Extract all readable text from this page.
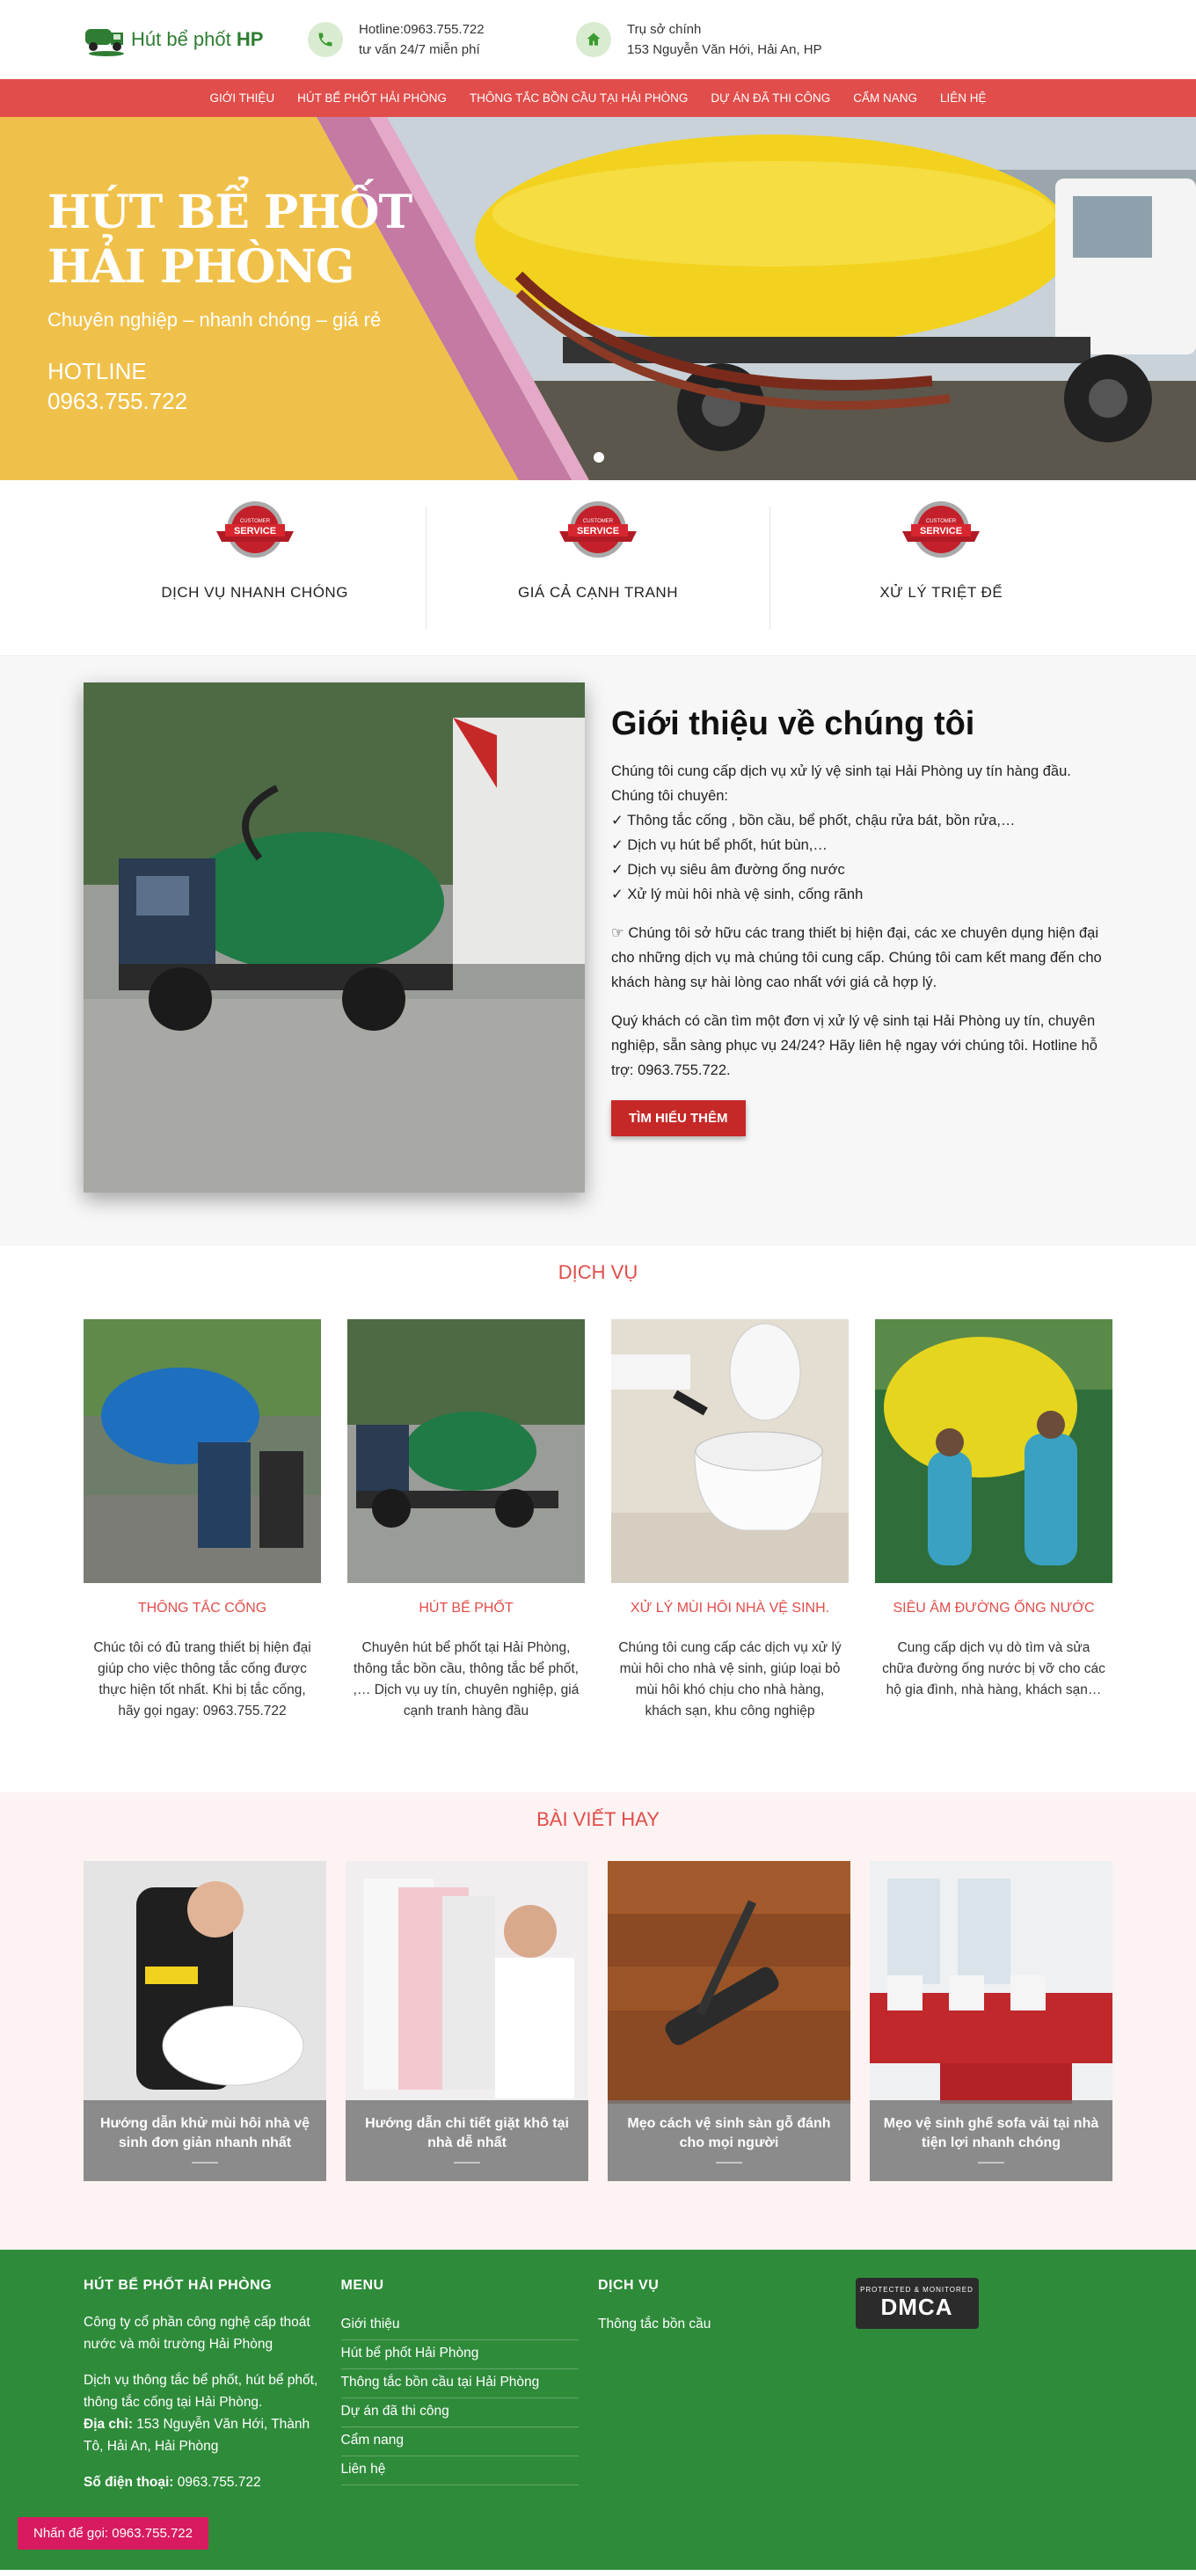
Hút bể phốt HP	Hotline:0963.755.722
tư vấn 24/7 miễn phí
Trụ sở chính
153 Nguyễn Văn Hới, Hải An, HP
GIỚI THIỆU	HÚT BỂ PHỐT HẢI PHÒNG	THÔNG TẮC BỒN CẦU TẠI HẢI PHÒNG	DỰ ÁN ĐÃ THI CÔNG	CẨM NANG	LIÊN HỆ
HÚT BỂ PHỐT
HẢI PHÒNG
Chuyên nghiệp – nhanh chóng – giá rẻ
HOTLINE
0963.755.722
CUSTOMER
SERVICE
DỊCH VỤ NHANH CHÓNG
CUSTOMER
SERVICE
GIÁ CẢ CẠNH TRANH
CUSTOMER
SERVICE
XỬ LÝ TRIỆT ĐỂ
Giới thiệu về chúng tôi
Chúng tôi cung cấp dịch vụ xử lý vệ sinh tại Hải Phòng uy tín hàng đầu. Chúng tôi chuyên:
✓ Thông tắc cống , bồn cầu, bể phốt, chậu rửa bát, bồn rửa,…
✓ Dịch vụ hút bể phốt, hút bùn,…
✓ Dịch vụ siêu âm đường ống nước
✓ Xử lý mùi hôi nhà vệ sinh, cống rãnh

☞ Chúng tôi sở hữu các trang thiết bị hiện đại, các xe chuyên dụng hiện đại cho những dịch vụ mà chúng tôi cung cấp. Chúng tôi cam kết mang đến cho khách hàng sự hài lòng cao nhất với giá cả hợp lý.

Quý khách có cần tìm một đơn vị xử lý vệ sinh tại Hải Phòng uy tín, chuyên nghiệp, sẵn sàng phục vụ 24/24? Hãy liên hệ ngay với chúng tôi. Hotline hỗ trợ: 0963.755.722.

TÌM HIỂU THÊM
DỊCH VỤ
THÔNG TẮC CỐNG
Chúc tôi có đủ trang thiết bị hiện đại giúp cho việc thông tắc cống được thực hiện tốt nhất. Khi bị tắc cống, hãy gọi ngay: 0963.755.722
HÚT BỂ PHỐT
Chuyên hút bể phốt tại Hải Phòng, thông tắc bồn cầu, thông tắc bể phốt, ,… Dịch vụ uy tín, chuyên nghiệp, giá cạnh tranh hàng đầu
XỬ LÝ MÙI HÔI NHÀ VỆ SINH.
Chúng tôi cung cấp các dịch vụ xử lý mùi hôi cho nhà vệ sinh, giúp loại bỏ mùi hôi khó chịu cho nhà hàng, khách sạn, khu công nghiệp
SIÊU ÂM ĐƯỜNG ỐNG NƯỚC
Cung cấp dịch vụ dò tìm và sửa chữa đường ống nước bị vỡ cho các hộ gia đình, nhà hàng, khách sạn…
BÀI VIẾT HAY
Hướng dẫn khử mùi hôi nhà vệ sinh đơn giản nhanh nhất
Hướng dẫn chi tiết giặt khô tại nhà dễ nhất
Mẹo cách vệ sinh sàn gỗ đánh cho mọi người
Mẹo vệ sinh ghế sofa vải tại nhà tiện lợi nhanh chóng
HÚT BỂ PHỐT HẢI PHÒNG

Công ty cổ phần công nghệ cấp thoát nước và môi trường Hải Phòng

Dịch vụ thông tắc bể phốt, hút bể phốt, thông tắc cống tại Hải Phòng.

Địa chỉ: 153 Nguyễn Văn Hới, Thành Tô, Hải An, Hải Phòng

Số điện thoại: 0963.755.722

MENU
Giới thiệu
Hút bể phốt Hải Phòng
Thông tắc bồn cầu tại Hải Phòng
Dự án đã thi công
Cẩm nang
Liên hệ
DỊCH VỤ
Thông tắc bồn cầu
PROTECTED & MONITORED
DMCA
Nhấn để gọi: 0963.755.722
